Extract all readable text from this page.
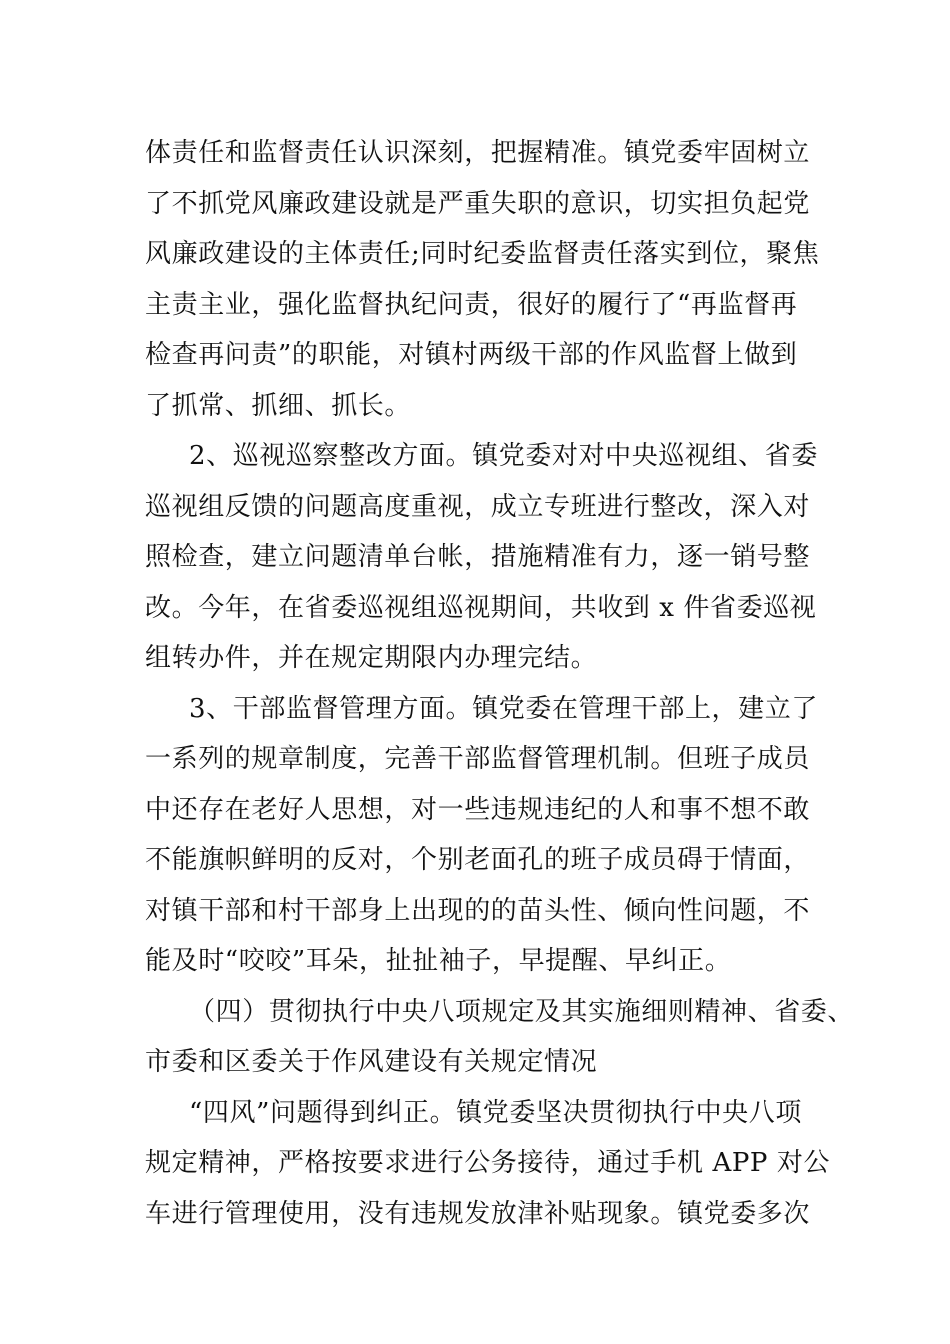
体责任和监督责任认识深刻，把握精准。镇党委牢固树立
了不抓党风廉政建设就是严重失职的意识，切实担负起党
风廉政建设的主体责任;同时纪委监督责任落实到位，聚焦
主责主业，强化监督执纪问责，很好的履行了“再监督再
检查再问责”的职能，对镇村两级干部的作风监督上做到
了抓常、抓细、抓长。
2、巡视巡察整改方面。镇党委对对中央巡视组、省委
巡视组反馈的问题高度重视，成立专班进行整改，深入对
照检查，建立问题清单台帐，措施精准有力，逐一销号整
改。今年，在省委巡视组巡视期间，共收到 x 件省委巡视
组转办件，并在规定期限内办理完结。
3、干部监督管理方面。镇党委在管理干部上，建立了
一系列的规章制度，完善干部监督管理机制。但班子成员
中还存在老好人思想，对一些违规违纪的人和事不想不敢
不能旗帜鲜明的反对，个别老面孔的班子成员碍于情面，
对镇干部和村干部身上出现的的苗头性、倾向性问题，不
能及时“咬咬”耳朵，扯扯袖子，早提醒、早纠正。
（四）贯彻执行中央八项规定及其实施细则精神、省委、
市委和区委关于作风建设有关规定情况
“四风”问题得到纠正。镇党委坚决贯彻执行中央八项
规定精神，严格按要求进行公务接待，通过手机 APP 对公
车进行管理使用，没有违规发放津补贴现象。镇党委多次
